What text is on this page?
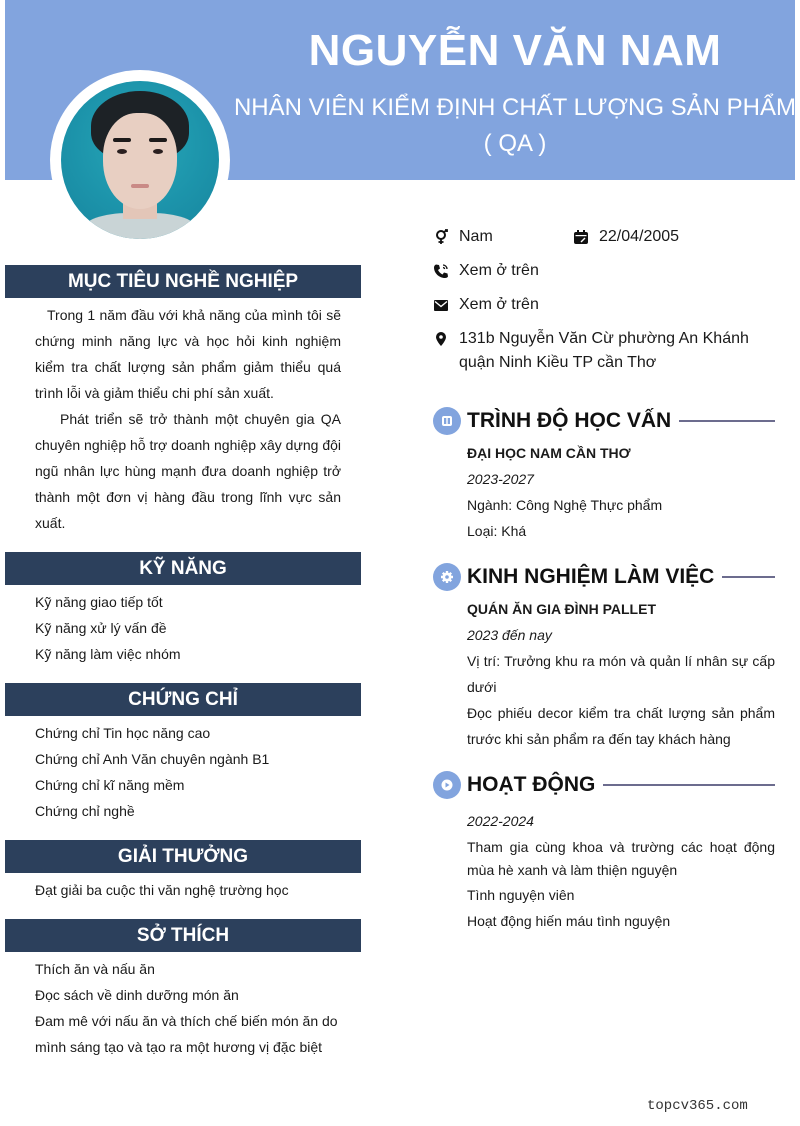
NGUYỄN VĂN NAM
NHÂN VIÊN KIỂM ĐỊNH CHẤT LƯỢNG SẢN PHẨM
( QA )
Nam	22/04/2005
Xem ở trên
Xem ở trên
131b Nguyễn Văn Cừ phường An Khánh
quận Ninh Kiều TP cần Thơ
MỤC TIÊU NGHỀ NGHIỆP

Trong 1 năm đầu với khả năng của mình tôi sẽ chứng minh năng lực và học hỏi kinh nghiệm kiểm tra chất lượng sản phẩm giảm thiểu quá trình lỗi và giảm thiểu chi phí sản xuất.

Phát triển sẽ trở thành một chuyên gia QA chuyên nghiệp hỗ trợ doanh nghiệp xây dựng đội ngũ nhân lực hùng mạnh đưa doanh nghiệp trở thành một đơn vị hàng đầu trong lĩnh vực sản xuất.

KỸ NĂNG
Kỹ năng giao tiếp tốt
Kỹ năng xử lý vấn đề
Kỹ năng làm việc nhóm
CHỨNG CHỈ
Chứng chỉ Tin học năng cao
Chứng chỉ Anh Văn chuyên ngành B1
Chứng chỉ kĩ năng mềm
Chứng chỉ nghề
GIẢI THƯỞNG
Đạt giải ba cuộc thi văn nghệ trường học
SỞ THÍCH
Thích ăn và nấu ăn
Đọc sách về dinh dưỡng món ăn
Đam mê với nấu ăn và thích chế biến món ăn do mình sáng tạo và tạo ra một hương vị đặc biệt
TRÌNH ĐỘ HỌC VẤN
ĐẠI HỌC NAM CẦN THƠ
2023-2027
Ngành: Công Nghệ Thực phẩm
Loại: Khá
KINH NGHIỆM LÀM VIỆC
QUÁN ĂN GIA ĐÌNH PALLET
2023 đến nay
Vị trí: Trưởng khu ra món và quản lí nhân sự cấp dưới
Đọc phiếu decor kiểm tra chất lượng sản phẩm trước khi sản phẩm ra đến tay khách hàng
HOẠT ĐỘNG
2022-2024
Tham gia cùng khoa và trường các hoạt động mùa hè xanh và làm thiện nguyện
Tình nguyện viên
Hoạt động hiến máu tình nguyện
topcv365.com
